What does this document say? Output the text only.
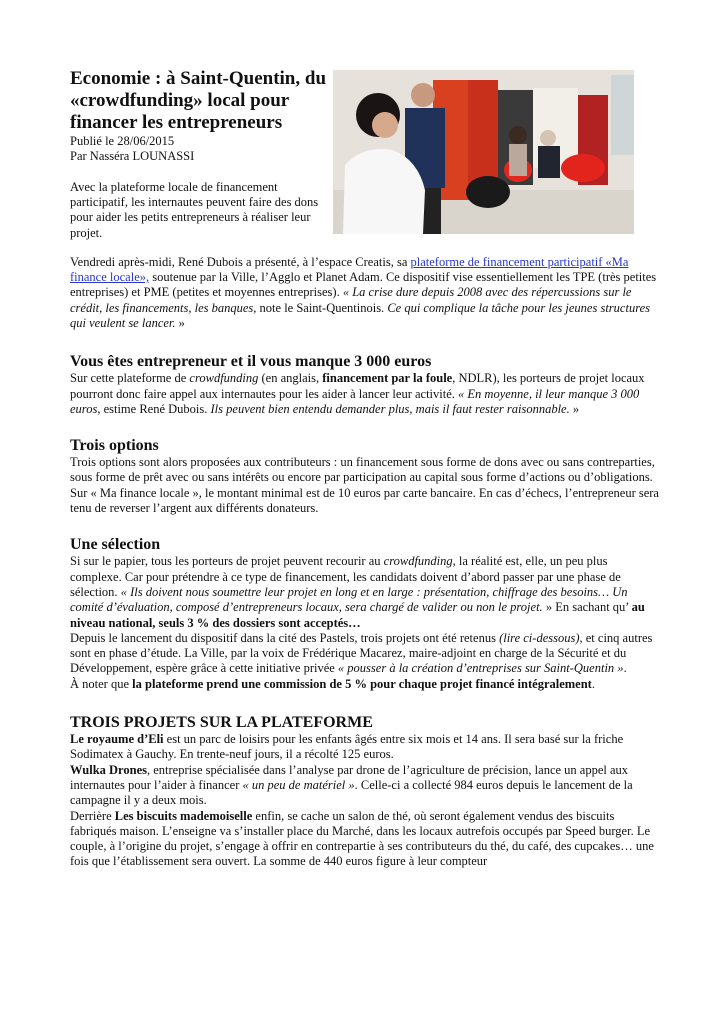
Economie : à Saint-Quentin, du «crowdfunding» local pour financer les entrepreneurs

Publié le 28/06/2015

Par Nasséra LOUNASSI

Avec la plateforme locale de financement participatif, les internautes peuvent faire des dons pour aider les petits entrepreneurs à réaliser leur projet.

Vendredi après-midi, René Dubois a présenté, à l’espace Creatis, sa plateforme de financement participatif «Ma finance locale», soutenue par la Ville, l’Agglo et Planet Adam. Ce dispositif vise essentiellement les TPE (très petites entreprises) et PME (petites et moyennes entreprises). « La crise dure depuis 2008 avec des répercussions sur le crédit, les financements, les banques, note le Saint-Quentinois. Ce qui complique la tâche pour les jeunes structures qui veulent se lancer. »

Vous êtes entrepreneur et il vous manque 3 000 euros

Sur cette plateforme de crowdfunding (en anglais, financement par la foule, NDLR), les porteurs de projet locaux pourront donc faire appel aux internautes pour les aider à lancer leur activité. « En moyenne, il leur manque 3 000 euros, estime René Dubois. Ils peuvent bien entendu demander plus, mais il faut rester raisonnable. »

Trois options

Trois options sont alors proposées aux contributeurs : un financement sous forme de dons avec ou sans contreparties, sous forme de prêt avec ou sans intérêts ou encore par participation au capital sous forme d’actions ou d’obligations. Sur « Ma finance locale », le montant minimal est de 10 euros par carte bancaire. En cas d’échecs, l’entrepreneur sera tenu de reverser l’argent aux différents donateurs.

Une sélection

Si sur le papier, tous les porteurs de projet peuvent recourir au crowdfunding, la réalité est, elle, un peu plus complexe. Car pour prétendre à ce type de financement, les candidats doivent d’abord passer par une phase de sélection. « Ils doivent nous soumettre leur projet en long et en large : présentation, chiffrage des besoins… Un comité d’évaluation, composé d’entrepreneurs locaux, sera chargé de valider ou non le projet. » En sachant qu’ au niveau national, seuls 3 % des dossiers sont acceptés…

Depuis le lancement du dispositif dans la cité des Pastels, trois projets ont été retenus (lire ci-dessous), et cinq autres sont en phase d’étude. La Ville, par la voix de Frédérique Macarez, maire-adjoint en charge de la Sécurité et du Développement, espère grâce à cette initiative privée « pousser à la création d’entreprises sur Saint-Quentin ».

À noter que la plateforme prend une commission de 5 % pour chaque projet financé intégralement.

TROIS PROJETS SUR LA PLATEFORME

Le royaume d’Eli est un parc de loisirs pour les enfants âgés entre six mois et 14 ans. Il sera basé sur la friche Sodimatex à Gauchy. En trente-neuf jours, il a récolté 125 euros.

Wulka Drones, entreprise spécialisée dans l’analyse par drone de l’agriculture de précision, lance un appel aux internautes pour l’aider à financer « un peu de matériel ». Celle-ci a collecté 984 euros depuis le lancement de la campagne il y a deux mois.

Derrière Les biscuits mademoiselle enfin, se cache un salon de thé, où seront également vendus des biscuits fabriqués maison. L’enseigne va s’installer place du Marché, dans les locaux autrefois occupés par Speed burger. Le couple, à l’origine du projet, s’engage à offrir en contrepartie à ses contributeurs du thé, du café, des cupcakes… une fois que l’établissement sera ouvert. La somme de 440 euros figure à leur compteur
